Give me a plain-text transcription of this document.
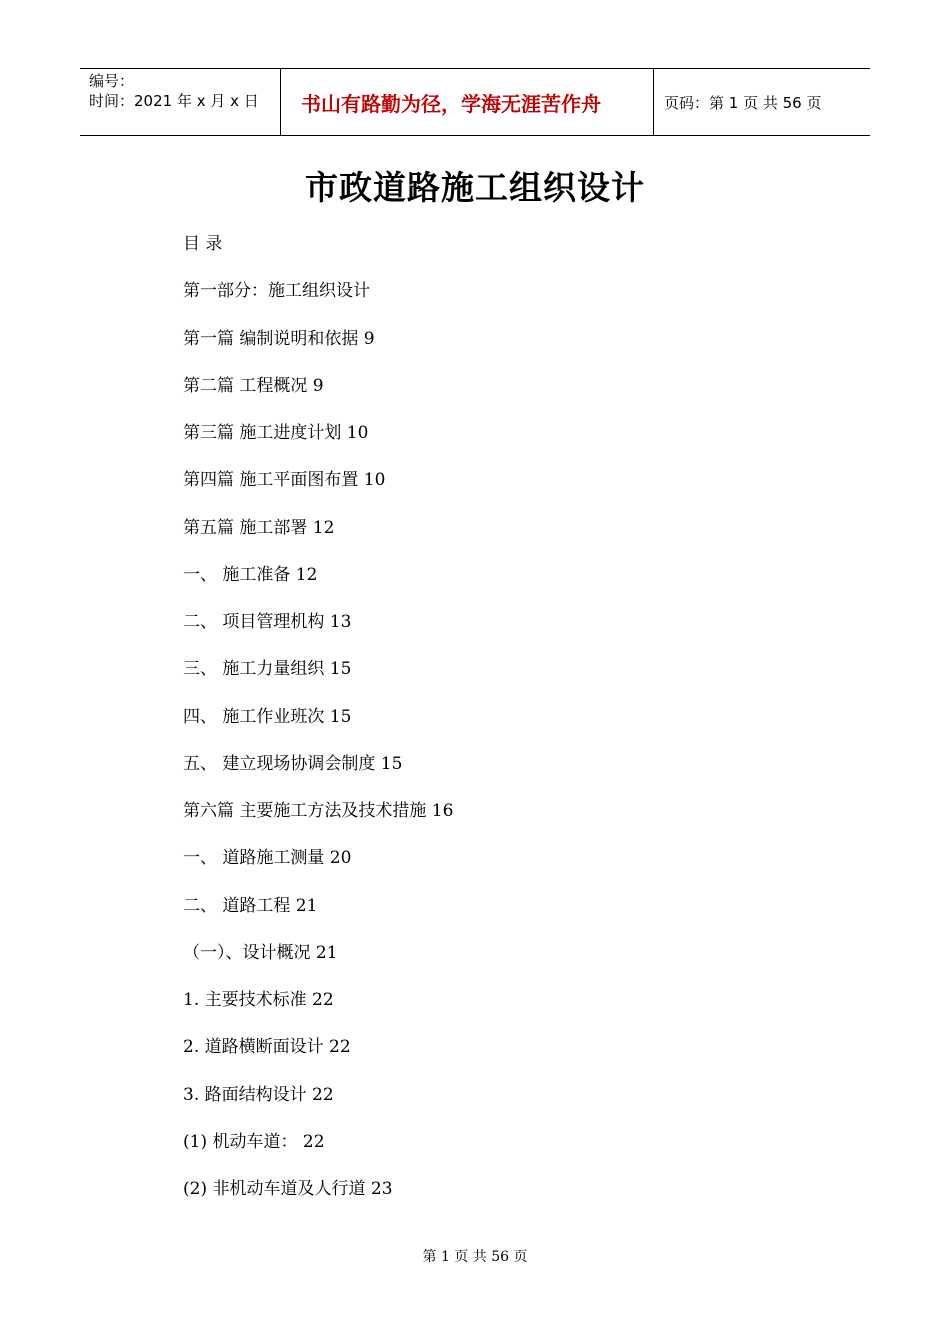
编号：
时间：2021 年 x 月 x 日	书山有路勤为径，学海无涯苦作舟	页码：第 1 页 共 56 页
市政道路施工组织设计
目 录
第一部分：施工组织设计
第一篇 编制说明和依据 9
第二篇 工程概况 9
第三篇 施工进度计划 10
第四篇 施工平面图布置 10
第五篇 施工部署 12
一、 施工准备 12
二、 项目管理机构 13
三、 施工力量组织 15
四、 施工作业班次 15
五、 建立现场协调会制度 15
第六篇 主要施工方法及技术措施 16
一、 道路施工测量 20
二、 道路工程 21
（一）、设计概况 21
1. 主要技术标准 22
2. 道路横断面设计 22
3. 路面结构设计 22
(1) 机动车道： 22
(2) 非机动车道及人行道 23
第 1 页 共 56 页
